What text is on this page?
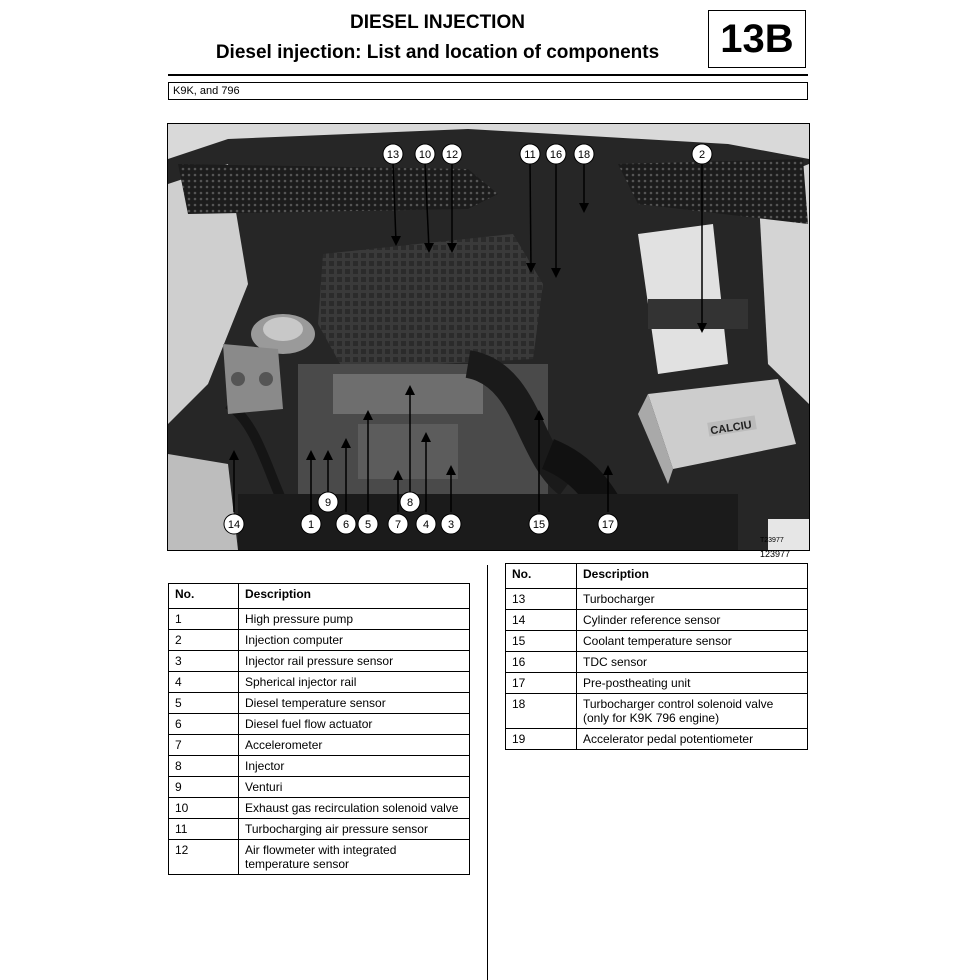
DIESEL INJECTION
Diesel injection: List and location of components	13B
K9K, and 796
CALCIU
T23977
13 10 12	11 16 18	2
14	1
9
6 5 7
8
4 3	15	17
123977
No.	Description
1	High pressure pump
2	Injection computer
3	Injector rail pressure sensor
4	Spherical injector rail
5	Diesel temperature sensor
6	Diesel fuel flow actuator
7	Accelerometer
8	Injector
9	Venturi
10	Exhaust gas recirculation solenoid valve
11	Turbocharging air pressure sensor
12	Air flowmeter with integrated temperature sensor
No.	Description
13	Turbocharger
14	Cylinder reference sensor
15	Coolant temperature sensor
16	TDC sensor
17	Pre-postheating unit
18	Turbocharger control solenoid valve (only for K9K 796 engine)
19	Accelerator pedal potentiometer
